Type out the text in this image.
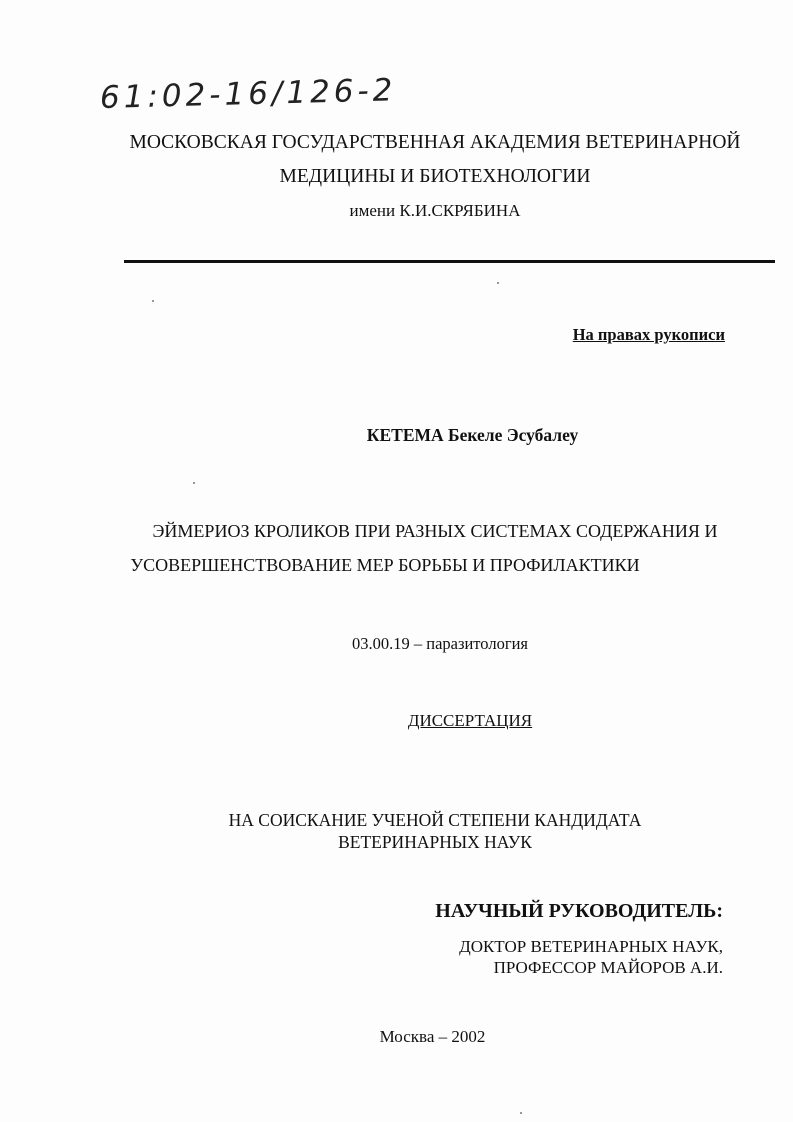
61:02-16/126-2
МОСКОВСКАЯ ГОСУДАРСТВЕННАЯ АКАДЕМИЯ ВЕТЕРИНАРНОЙ
МЕДИЦИНЫ И БИОТЕХНОЛОГИИ
имени К.И.СКРЯБИНА
На правах рукописи
КЕТЕМА Бекеле Эсубалеу
ЭЙМЕРИОЗ КРОЛИКОВ ПРИ РАЗНЫХ СИСТЕМАХ СОДЕРЖАНИЯ И
УСОВЕРШЕНСТВОВАНИЕ МЕР БОРЬБЫ И ПРОФИЛАКТИКИ
03.00.19 – паразитология
ДИССЕРТАЦИЯ
НА СОИСКАНИЕ УЧЕНОЙ СТЕПЕНИ КАНДИДАТА
ВЕТЕРИНАРНЫХ НАУК
НАУЧНЫЙ РУКОВОДИТЕЛЬ:
ДОКТОР ВЕТЕРИНАРНЫХ НАУК,
ПРОФЕССОР МАЙОРОВ А.И.
Москва – 2002
